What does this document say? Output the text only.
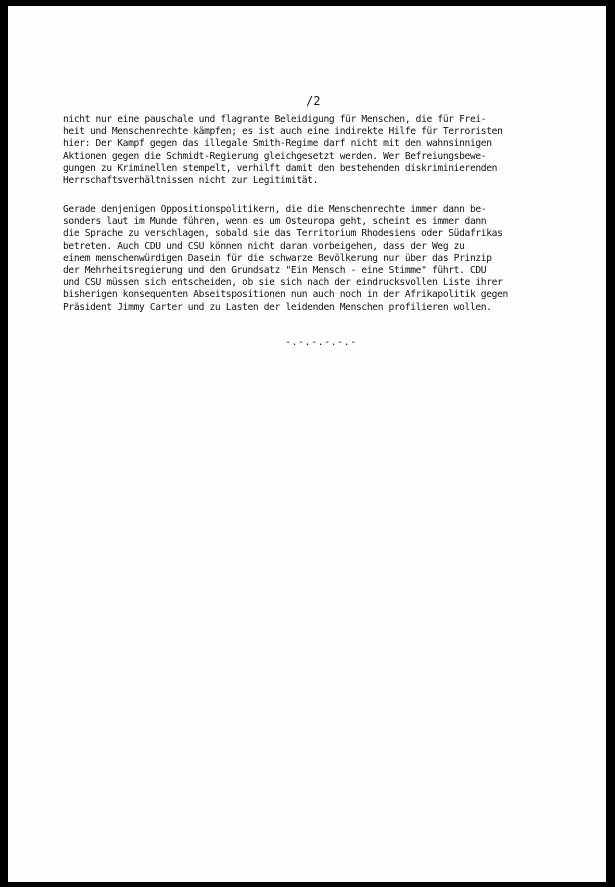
/2

nicht nur eine pauschale und flagrante Beleidigung für Menschen, die für Frei-
heit und Menschenrechte kämpfen; es ist auch eine indirekte Hilfe für Terroristen
hier: Der Kampf gegen das illegale Smith-Regime darf nicht mit den wahnsinnigen
Aktionen gegen die Schmidt-Regierung gleichgesetzt werden. Wer Befreiungsbewe-
gungen zu Kriminellen stempelt, verhilft damit den bestehenden diskriminierenden
Herrschaftsverhältnissen nicht zur Legitimität.

Gerade denjenigen Oppositionspolitikern, die die Menschenrechte immer dann be-
sonders laut im Munde führen, wenn es um Osteuropa geht, scheint es immer dann
die Sprache zu verschlagen, sobald sie das Territorium Rhodesiens oder Südafrikas
betreten. Auch CDU und CSU können nicht daran vorbeigehen, dass der Weg zu
einem menschenwürdigen Dasein für die schwarze Bevölkerung nur über das Prinzip
der Mehrheitsregierung und den Grundsatz "Ein Mensch - eine Stimme" führt. CDU
und CSU müssen sich entscheiden, ob sie sich nach der eindrucksvollen Liste ihrer
bisherigen konsequenten Abseitspositionen nun auch noch in der Afrikapolitik gegen
Präsident Jimmy Carter und zu Lasten der leidenden Menschen profilieren wollen.

-.-.-.-.-.-
